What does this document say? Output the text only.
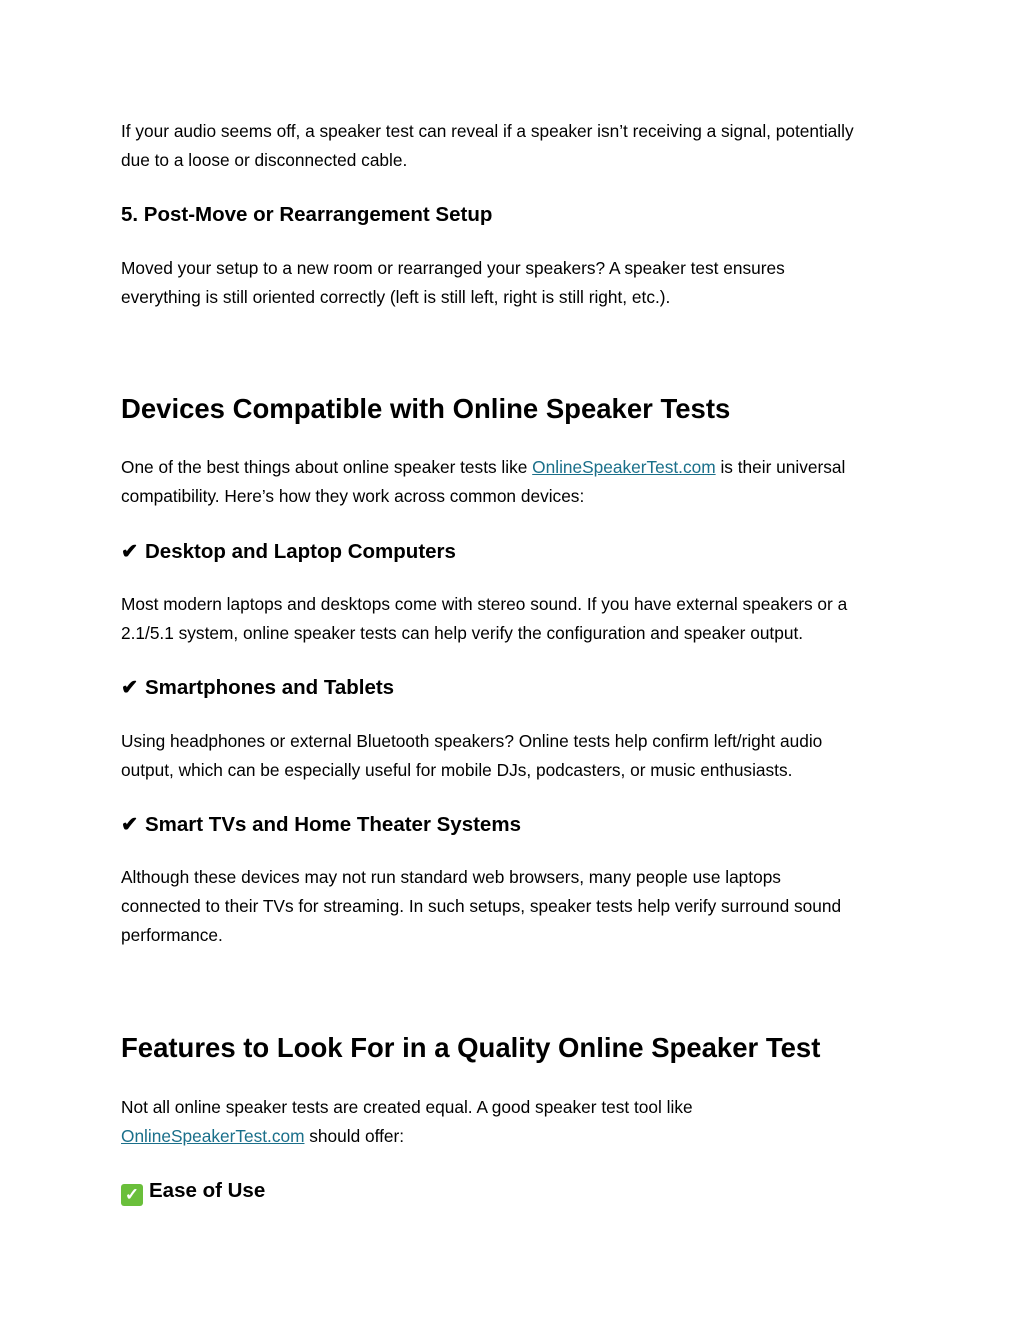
If your audio seems off, a speaker test can reveal if a speaker isn’t receiving a signal, potentially
due to a loose or disconnected cable.

5. Post-Move or Rearrangement Setup

Moved your setup to a new room or rearranged your speakers? A speaker test ensures
everything is still oriented correctly (left is still left, right is still right, etc.).

Devices Compatible with Online Speaker Tests

One of the best things about online speaker tests like OnlineSpeakerTest.com is their universal
compatibility. Here’s how they work across common devices:

✔ Desktop and Laptop Computers

Most modern laptops and desktops come with stereo sound. If you have external speakers or a
2.1/5.1 system, online speaker tests can help verify the configuration and speaker output.

✔ Smartphones and Tablets

Using headphones or external Bluetooth speakers? Online tests help confirm left/right audio
output, which can be especially useful for mobile DJs, podcasters, or music enthusiasts.

✔ Smart TVs and Home Theater Systems

Although these devices may not run standard web browsers, many people use laptops
connected to their TVs for streaming. In such setups, speaker tests help verify surround sound
performance.

Features to Look For in a Quality Online Speaker Test

Not all online speaker tests are created equal. A good speaker test tool like
OnlineSpeakerTest.com should offer:

✓ Ease of Use
